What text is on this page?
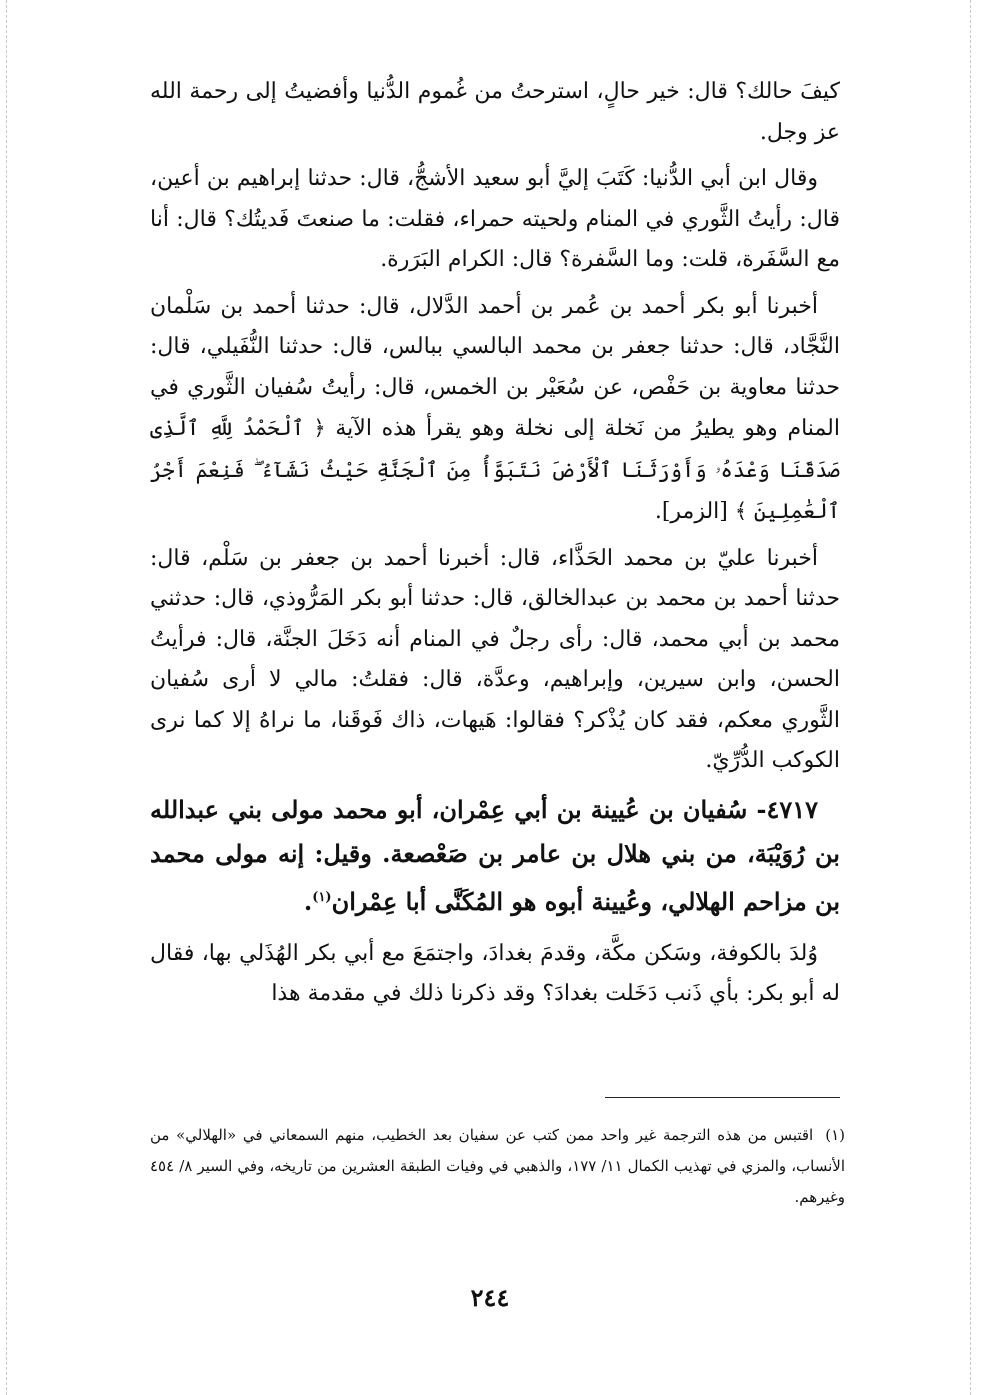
كيفَ حالك؟ قال: خير حالٍ، استرحتُ من غُموم الدُّنيا وأفضيتُ إلى رحمة الله عز وجل.

وقال ابن أبي الدُّنيا: كَتَبَ إليَّ أبو سعيد الأشجُّ، قال: حدثنا إبراهيم بن أعين، قال: رأيتُ الثَّوري في المنام ولحيته حمراء، فقلت: ما صنعتَ فَديتُك؟ قال: أنا مع السَّفَرة، قلت: وما السَّفرة؟ قال: الكرام البَرَرة.

أخبرنا أبو بكر أحمد بن عُمر بن أحمد الدَّلال، قال: حدثنا أحمد بن سَلْمان النَّجَّاد، قال: حدثنا جعفر بن محمد البالسي ببالس، قال: حدثنا النُّفَيلي، قال: حدثنا معاوية بن حَفْص، عن سُعَيْر بن الخمس، قال: رأيتُ سُفيان الثَّوري في المنام وهو يطيرُ من نَخلة إلى نخلة وهو يقرأ هذه الآية ﴿ ٱلْحَمْدُ لِلَّهِ ٱلَّذِى صَدَقَنَا وَعْدَهُۥ وَأَوْرَثَنَا ٱلْأَرْضَ نَتَبَوَّأُ مِنَ ٱلْجَنَّةِ حَيْثُ نَشَآءُ ۖ فَنِعْمَ أَجْرُ ٱلْعَٰمِلِينَ ﴾ [الزمر].

أخبرنا عليّ بن محمد الحَذَّاء، قال: أخبرنا أحمد بن جعفر بن سَلْم، قال: حدثنا أحمد بن محمد بن عبدالخالق، قال: حدثنا أبو بكر المَرُّوذي، قال: حدثني محمد بن أبي محمد، قال: رأى رجلٌ في المنام أنه دَخَلَ الجنَّة، قال: فرأيتُ الحسن، وابن سيرين، وإبراهيم، وعدَّة، قال: فقلتُ: مالي لا أرى سُفيان الثَّوري معكم، فقد كان يُذْكر؟ فقالوا: هَيهات، ذاك فَوقَنا، ما نراهُ إلا كما نرى الكوكب الدُّرِّيّ.

٤٧١٧- سُفيان بن عُيينة بن أبي عِمْران، أبو محمد مولى بني عبدالله بن رُوَيْبَة، من بني هلال بن عامر بن صَعْصعة. وقيل: إنه مولى محمد بن مزاحم الهلالي، وعُيينة أبوه هو المُكَنَّى أبا عِمْران$^{(١)}$.

وُلدَ بالكوفة، وسَكن مكَّة، وقدمَ بغدادَ، واجتمَعَ مع أبي بكر الهُذَلي بها، فقال له أبو بكر: بأي ذَنب دَخَلت بغدادَ؟ وقد ذكرنا ذلك في مقدمة هذا

(١)اقتبس من هذه الترجمة غير واحد ممن كتب عن سفيان بعد الخطيب، منهم السمعاني في «الهلالي» من الأنساب، والمزي في تهذيب الكمال ١١/ ١٧٧، والذهبي في وفيات الطبقة العشرين من تاريخه، وفي السير ٨/ ٤٥٤ وغيرهم.
٢٤٤
